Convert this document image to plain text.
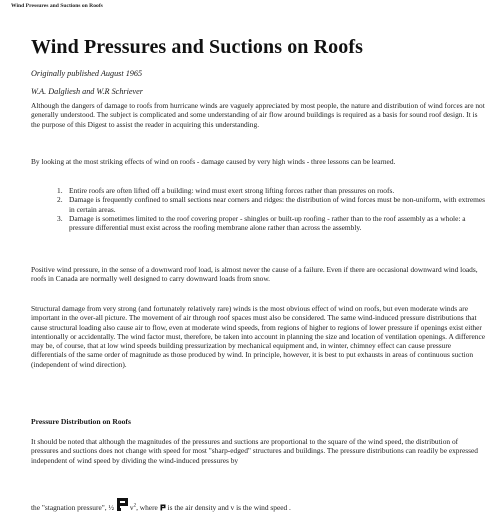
Wind Pressures and Suctions on Roofs
Wind Pressures and Suctions on Roofs
Originally published August 1965
W.A. Dalgliesh and W.R Schriever

Although the dangers of damage to roofs from hurricane winds are vaguely appreciated by most people, the nature and distribution of wind forces are not generally understood. The subject is complicated and some understanding of air flow around buildings is required as a basis for sound roof design. It is the purpose of this Digest to assist the reader in acquiring this understanding.

By looking at the most striking effects of wind on roofs - damage caused by very high winds - three lessons can be learned.

1. Entire roofs are often lifted off a building: wind must exert strong lifting forces rather than pressures on roofs.
2. Damage is frequently confined to small sections near corners and ridges: the distribution of wind forces must be non-uniform, with extremes in certain areas.
3. Damage is sometimes limited to the roof covering proper - shingles or built-up roofing - rather than to the roof assembly as a whole: a pressure differential must exist across the roofing membrane alone rather than across the assembly.

Positive wind pressure, in the sense of a downward roof load, is almost never the cause of a failure. Even if there are occasional downward wind loads, roofs in Canada are normally well designed to carry downward loads from snow.

Structural damage from very strong (and fortunately relatively rare) winds is the most obvious effect of wind on roofs, but even moderate winds are important in the over-all picture. The movement of air through roof spaces must also be considered. The same wind-induced pressure distributions that cause structural loading also cause air to flow, even at moderate wind speeds, from regions of higher to regions of lower pressure if openings exist either intentionally or accidentally. The wind factor must, therefore, be taken into account in planning the size and location of ventilation openings. A difference may be, of course, that at low wind speeds building pressurization by mechanical equipment and, in winter, chimney effect can cause pressure differentials of the same order of magnitude as those produced by wind. In principle, however, it is best to put exhausts in areas of continuous suction (independent of wind direction).

Pressure Distribution on Roofs

It should be noted that although the magnitudes of the pressures and suctions are proportional to the square of the wind speed, the distribution of pressures and suctions does not change with speed for most "sharp-edged" structures and buildings. The pressure distributions can readily be expressed independent of wind speed by dividing the wind-induced pressures by

the "stagnation pressure", ½ $v^2$, where is the air density and v is the wind speed .
